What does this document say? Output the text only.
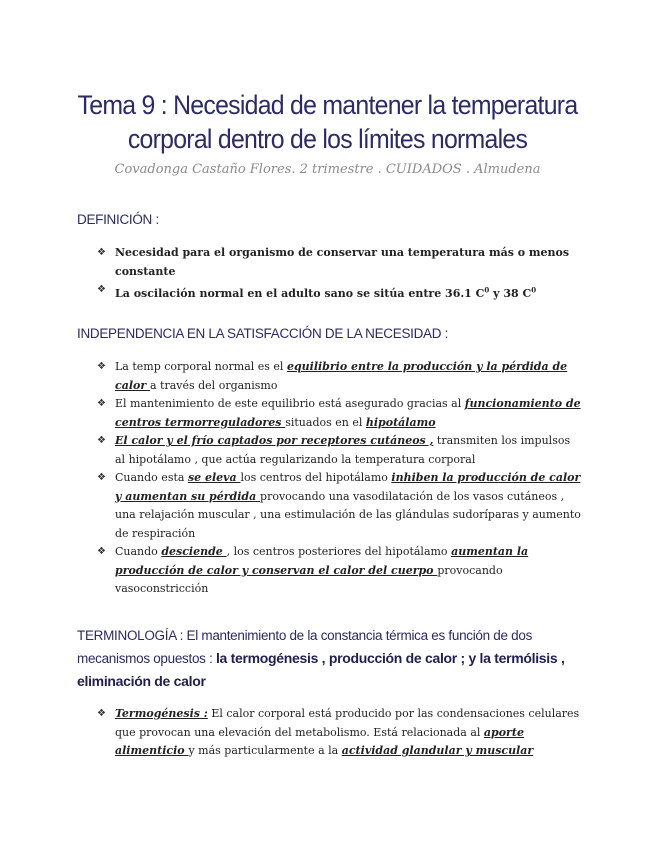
Tema 9 : Necesidad de mantener la temperatura
corporal dentro de los límites normales
Covadonga Castaño Flores. 2 trimestre . CUIDADOS . Almudena
DEFINICIÓN :
❖ Necesidad para el organismo de conservar una temperatura más o menos constante
❖ La oscilación normal en el adulto sano se sitúa entre 36.1 $C^0$ y 38 $C^0$
INDEPENDENCIA EN LA SATISFACCIÓN DE LA NECESIDAD :
❖ La temp corporal normal es el equilibrio entre la producción y la pérdida de calor a través del organismo
❖ El mantenimiento de este equilibrio está asegurado gracias al funcionamiento de centros termorreguladores situados en el hipotálamo
❖ El calor y el frío captados por receptores cutáneos , transmiten los impulsos al hipotálamo , que actúa regularizando la temperatura corporal
❖ Cuando esta se eleva los centros del hipotálamo inhiben la producción de calor y aumentan su pérdida provocando una vasodilatación de los vasos cutáneos , una relajación muscular , una estimulación de las glándulas sudoríparas y aumento de respiración
❖ Cuando desciende , los centros posteriores del hipotálamo aumentan la producción de calor y conservan el calor del cuerpo provocando vasoconstricción
TERMINOLOGÍA : El mantenimiento de la constancia térmica es función de dos mecanismos opuestos : la termogénesis , producción de calor ; y la termólisis , eliminación de calor
❖ Termogénesis : El calor corporal está producido por las condensaciones celulares que provocan una elevación del metabolismo. Está relacionada al aporte alimenticio y más particularmente a la actividad glandular y muscular
